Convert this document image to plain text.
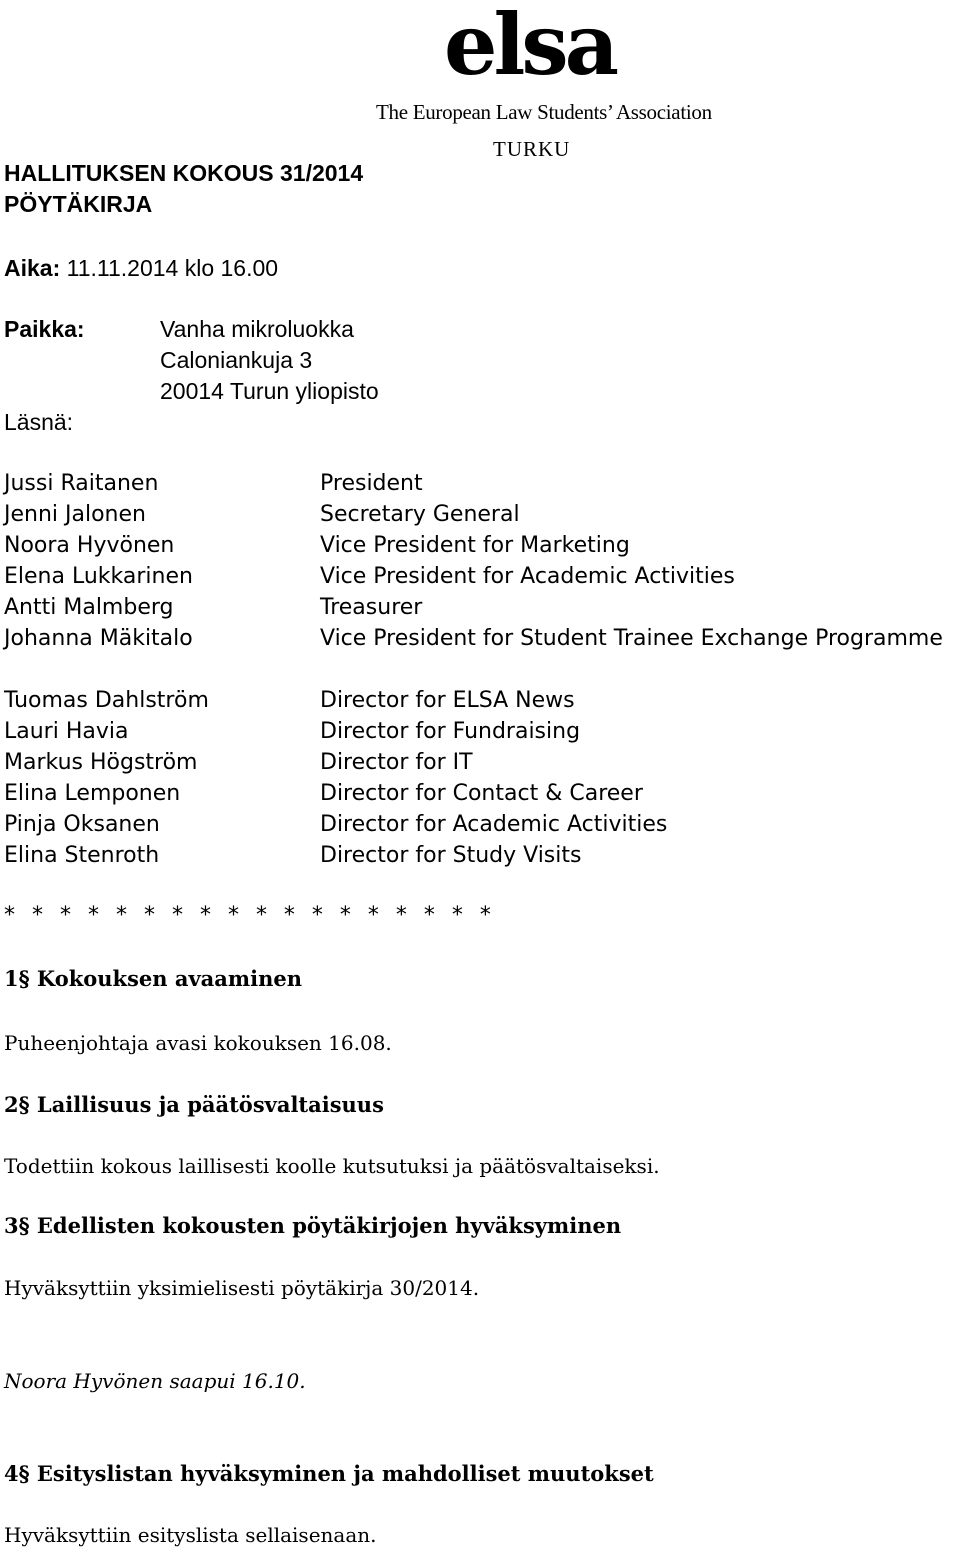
elsa
The European Law Students’ Association
TURKU
HALLITUKSEN KOKOUS 31/2014
PÖYTÄKIRJA
Aika: 11.11.2014 klo 16.00
Paikka:	Vanha mikroluokka
Caloniankuja 3
20014 Turun yliopisto
Läsnä:
Jussi Raitanen
Jenni Jalonen
Noora Hyvönen
Elena Lukkarinen
Antti Malmberg
Johanna Mäkitalo
President
Secretary General
Vice President for Marketing
Vice President for Academic Activities
Treasurer
Vice President for Student Trainee Exchange Programme
Tuomas Dahlström
Lauri Havia
Markus Högström
Elina Lemponen
Pinja Oksanen
Elina Stenroth
Director for ELSA News
Director for Fundraising
Director for IT
Director for Contact & Career
Director for Academic Activities
Director for Study Visits
* * * * * * * * * * * * * * * * * *
1§ Kokouksen avaaminen
Puheenjohtaja avasi kokouksen 16.08.
2§ Laillisuus ja päätösvaltaisuus
Todettiin kokous laillisesti koolle kutsutuksi ja päätösvaltaiseksi.
3§ Edellisten kokousten pöytäkirjojen hyväksyminen
Hyväksyttiin yksimielisesti pöytäkirja 30/2014.
Noora Hyvönen saapui 16.10.
4§ Esityslistan hyväksyminen ja mahdolliset muutokset
Hyväksyttiin esityslista sellaisenaan.
